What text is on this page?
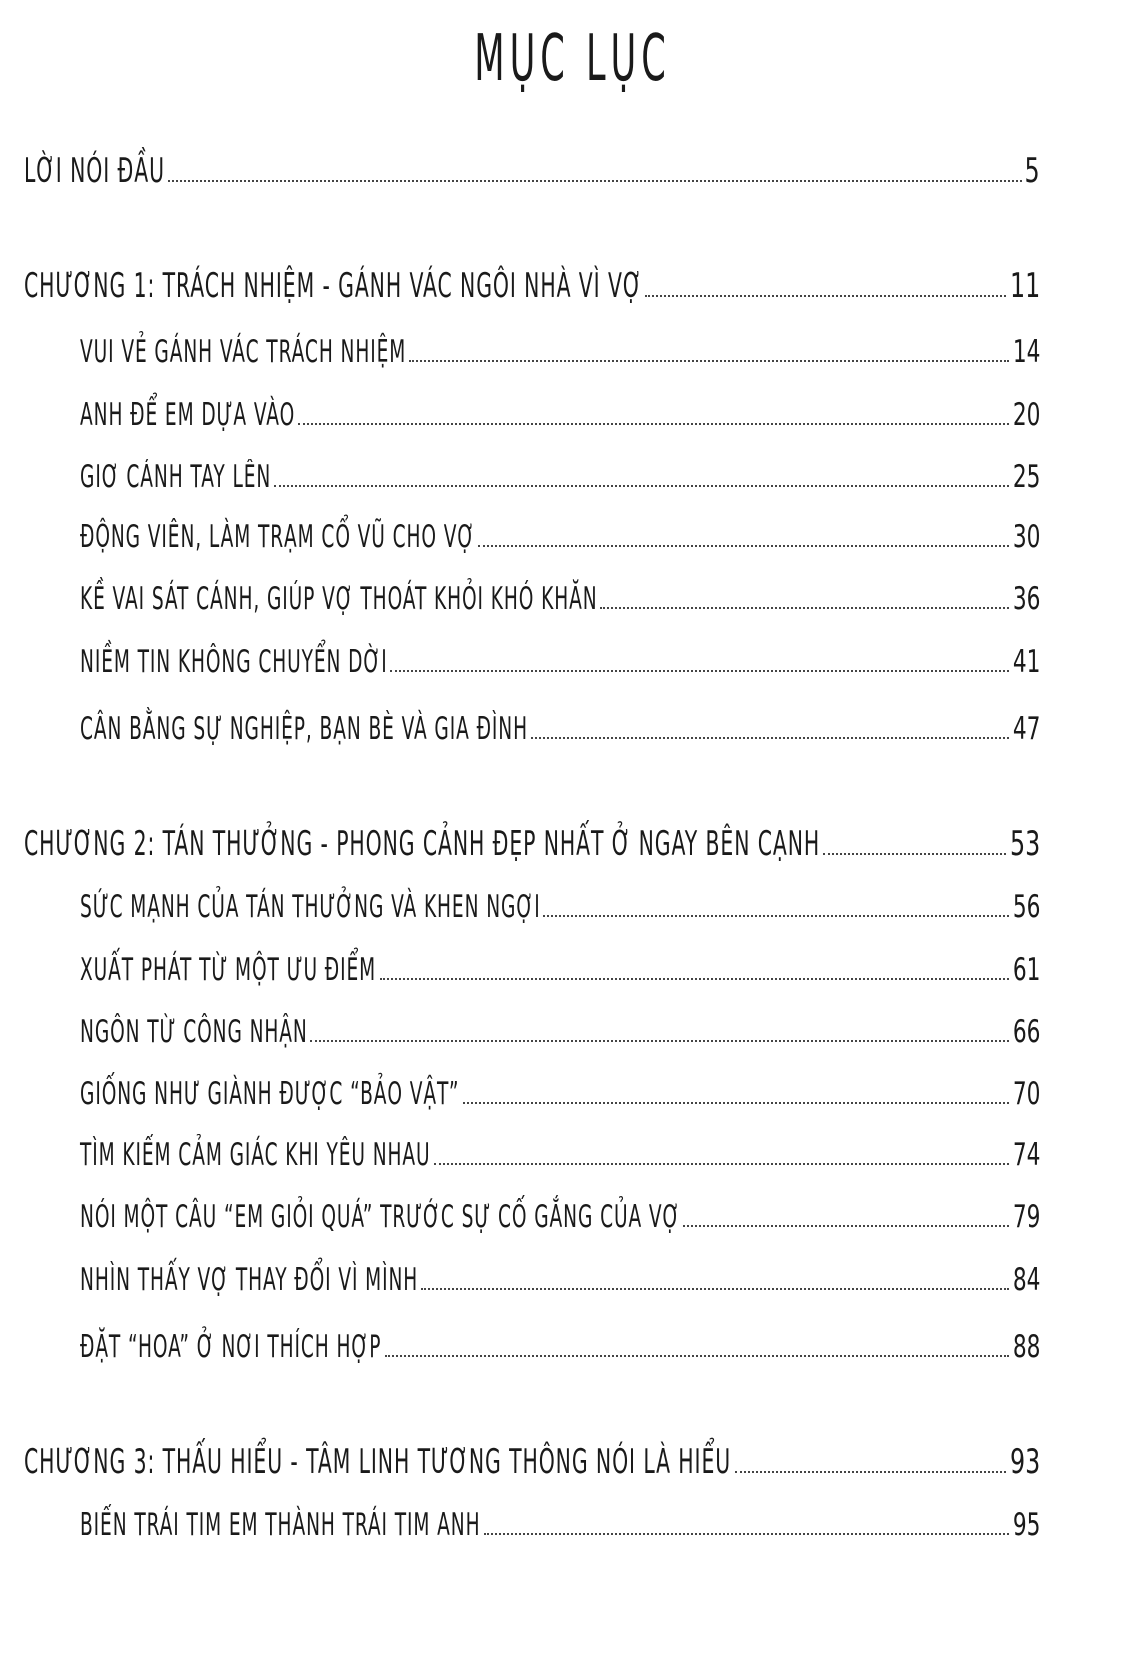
MỤC LỤC
LỜI NÓI ĐẦU	5
CHƯƠNG 1: TRÁCH NHIỆM - GÁNH VÁC NGÔI NHÀ VÌ VỢ	11
VUI VẺ GÁNH VÁC TRÁCH NHIỆM	14
ANH ĐỂ EM DỰA VÀO	20
GIƠ CÁNH TAY LÊN	25
ĐỘNG VIÊN, LÀM TRẠM CỔ VŨ CHO VỢ	30
KỀ VAI SÁT CÁNH, GIÚP VỢ THOÁT KHỎI KHÓ KHĂN	36
NIỀM TIN KHÔNG CHUYỂN DỜI	41
CÂN BẰNG SỰ NGHIỆP, BẠN BÈ VÀ GIA ĐÌNH	47
CHƯƠNG 2: TÁN THƯỞNG - PHONG CẢNH ĐẸP NHẤT Ở NGAY BÊN CẠNH	53
SỨC MẠNH CỦA TÁN THƯỞNG VÀ KHEN NGỢI	56
XUẤT PHÁT TỪ MỘT ƯU ĐIỂM	61
NGÔN TỪ CÔNG NHẬN	66
GIỐNG NHƯ GIÀNH ĐƯỢC “BẢO VẬT”	70
TÌM KIẾM CẢM GIÁC KHI YÊU NHAU	74
NÓI MỘT CÂU “EM GIỎI QUÁ” TRƯỚC SỰ CỐ GẮNG CỦA VỢ	79
NHÌN THẤY VỢ THAY ĐỔI VÌ MÌNH	84
ĐẶT “HOA” Ở NƠI THÍCH HỢP	88
CHƯƠNG 3: THẤU HIỂU - TÂM LINH TƯƠNG THÔNG NÓI LÀ HIỂU	93
BIẾN TRÁI TIM EM THÀNH TRÁI TIM ANH	95
